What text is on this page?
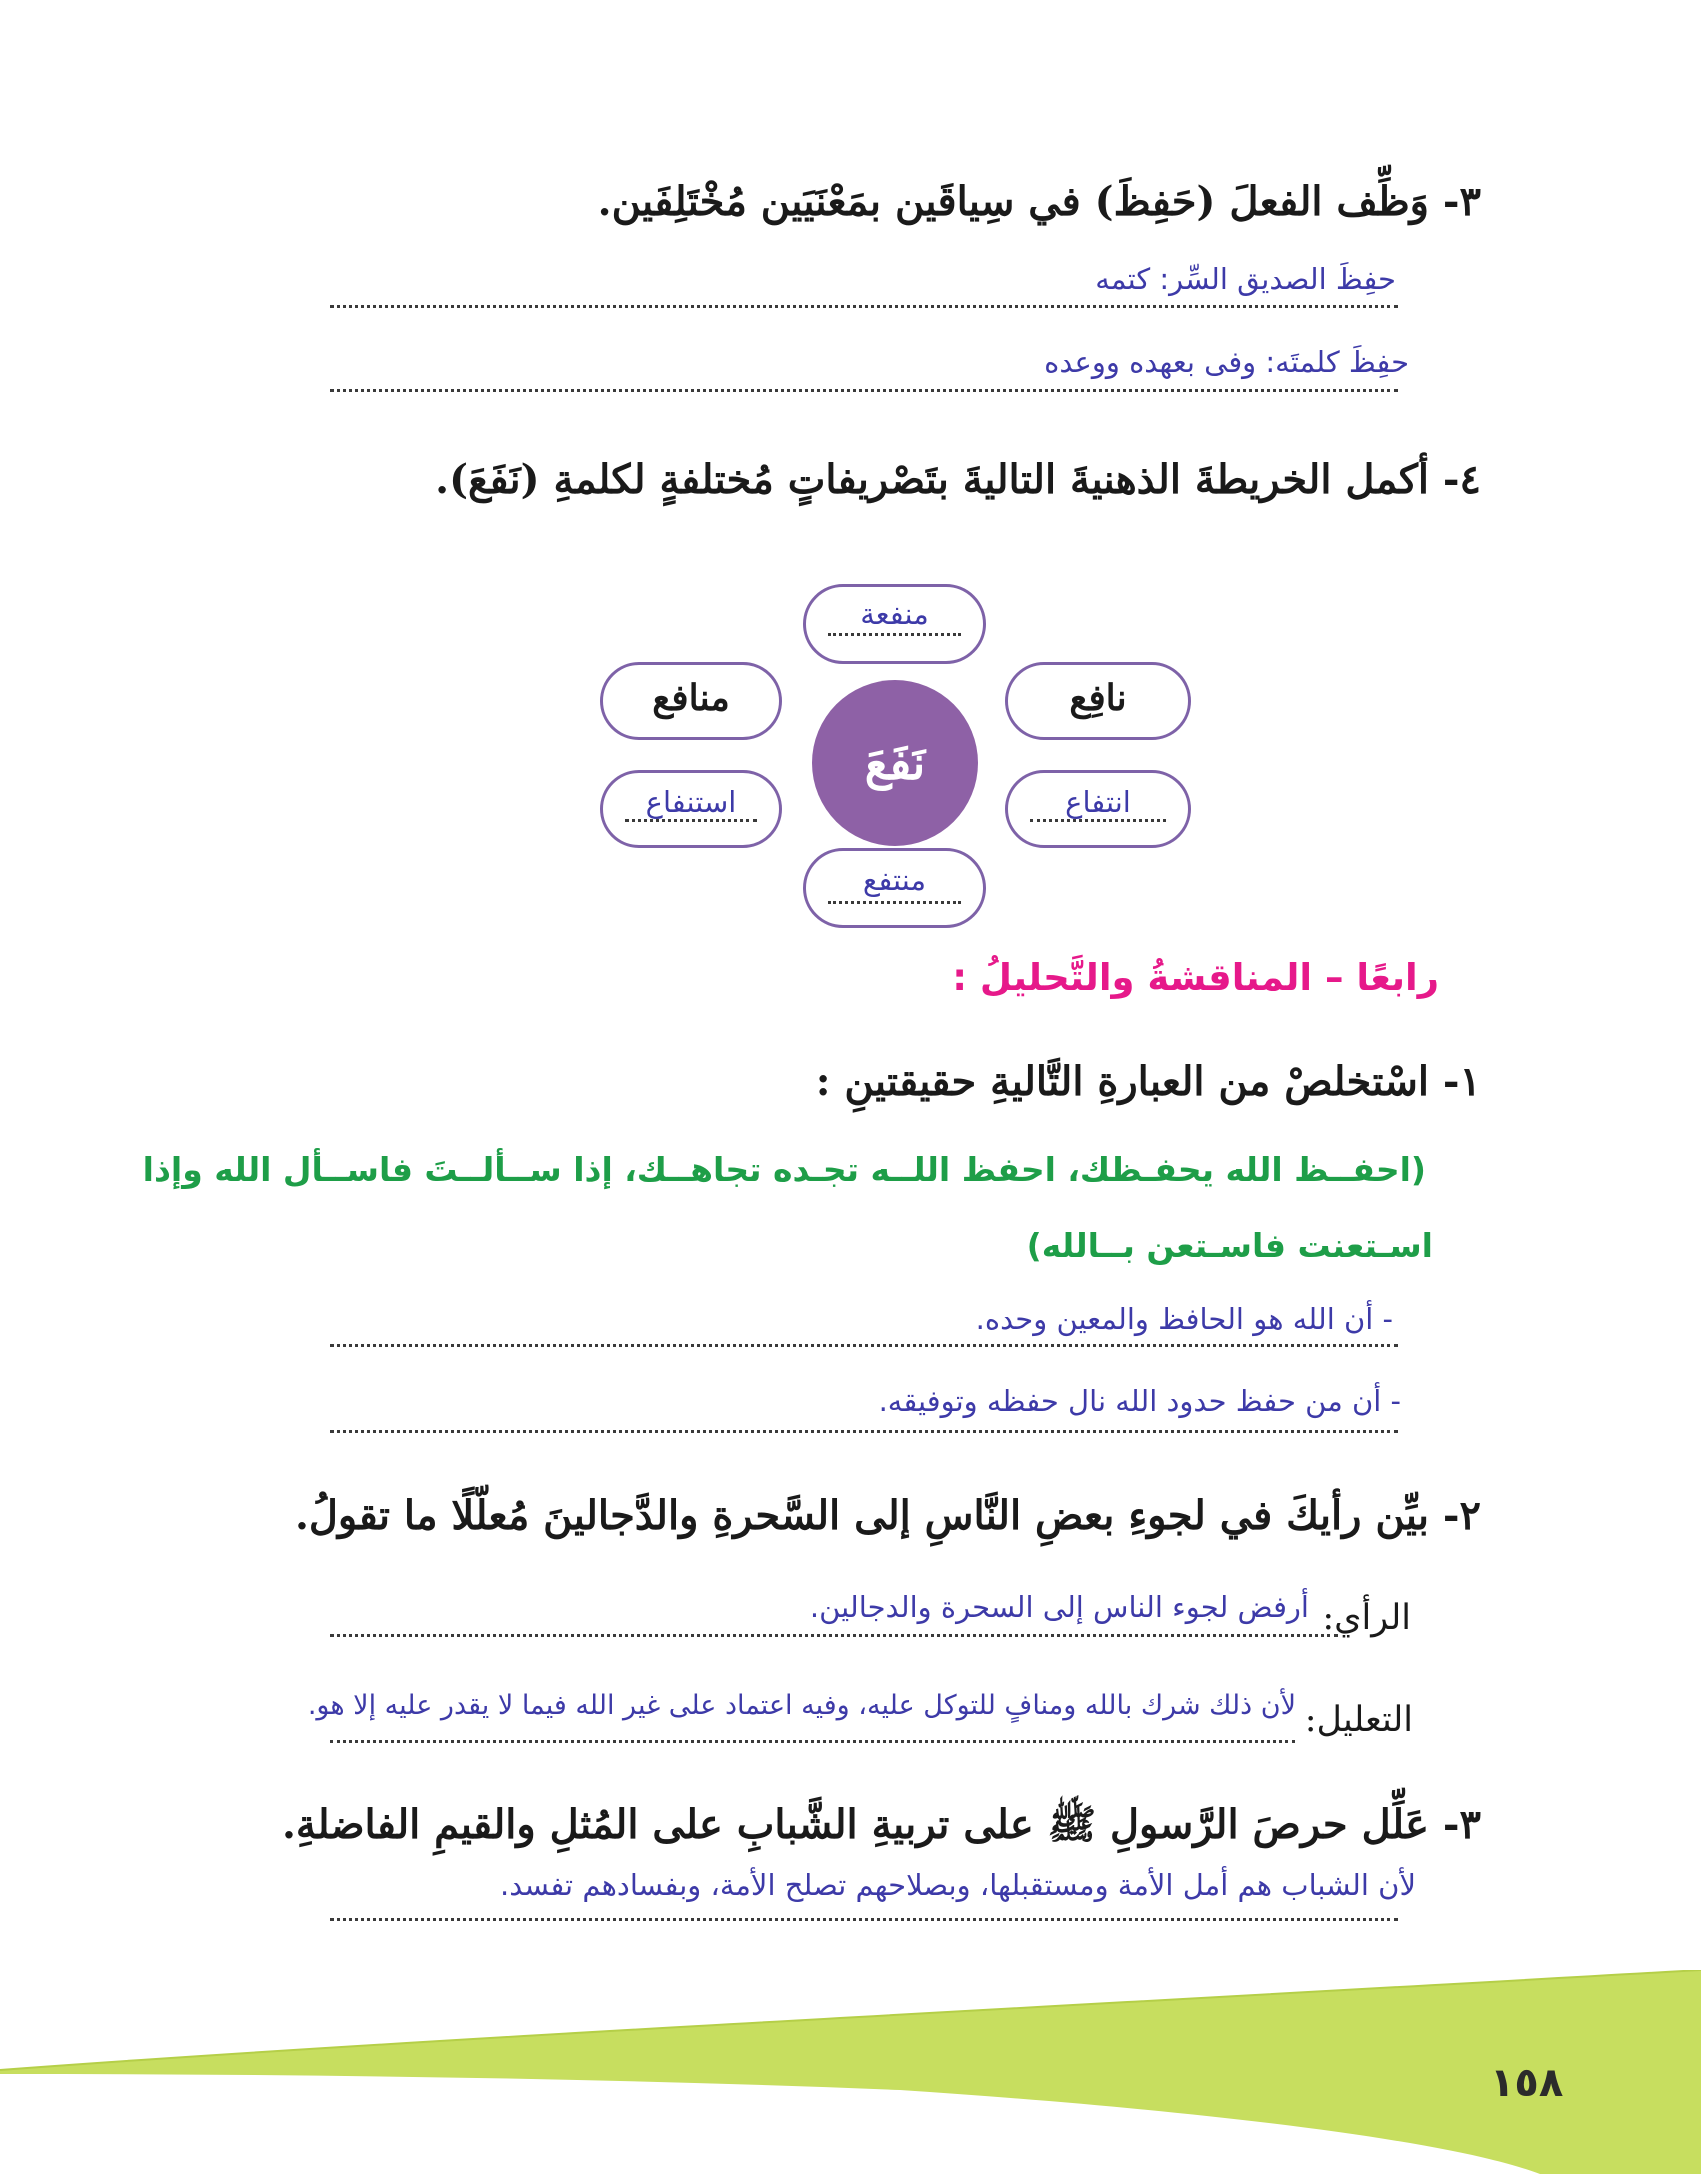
٣- وَظِّف الفعلَ (حَفِظَ) في سِياقَين بمَعْنَيَين مُخْتَلِفَين.
حفِظَ الصديق السِّر: كتمه
حفِظَ كلمتَه: وفى بعهده ووعده
٤- أكمل الخريطةَ الذهنيةَ التاليةَ بتَصْريفاتٍ مُختلفةٍ لكلمةِ (نَفَعَ).
منفعة
منافع	نافِع
نَفَعَ
استنفاع	انتفاع
منتفع
رابعًا – المناقشةُ والتَّحليلُ :
١- اسْتخلصْ من العبارةِ التَّاليةِ حقيقتينِ :
(احفــظ الله يحفـظك، احفظ اللــه تجـده تجاهــك، إذا ســألــتَ فاســأل الله وإذا
اسـتعنت فاسـتعن بــالله)
- أن الله هو الحافظ والمعين وحده.
- أن من حفظ حدود الله نال حفظه وتوفيقه.
٢- بيِّن رأيكَ في لجوءِ بعضِ النَّاسِ إلى السَّحرةِ والدَّجالينَ مُعلّلًا ما تقولُ.
الرأي:
أرفض لجوء الناس إلى السحرة والدجالين.
التعليل:
لأن ذلك شرك بالله ومنافٍ للتوكل عليه، وفيه اعتماد على غير الله فيما لا يقدر عليه إلا هو.
٣- عَلِّل حرصَ الرَّسولِ ﷺ على تربيةِ الشَّبابِ على المُثلِ والقيمِ الفاضلةِ.
لأن الشباب هم أمل الأمة ومستقبلها، وبصلاحهم تصلح الأمة، وبفسادهم تفسد.
١٥٨
